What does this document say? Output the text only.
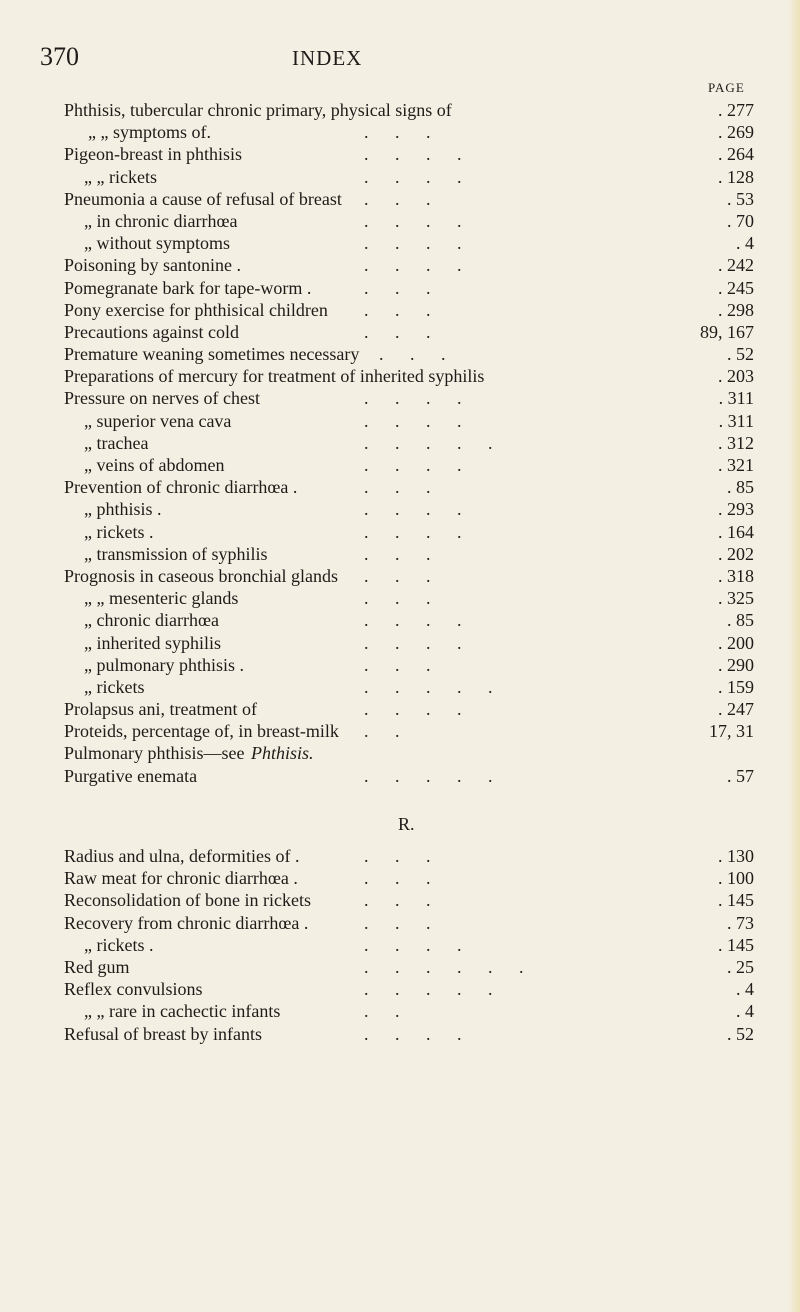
370	INDEX
PAGE
Phthisis, tubercular chronic primary, physical signs of	. 277
„ „ symptoms of.	. . .	. 269
Pigeon-breast in phthisis	. . . .	. 264
„ „ rickets	. . . .	. 128
Pneumonia a cause of refusal of breast . . .	. 53
„ in chronic diarrhœa	. . . .	. 70
„ without symptoms	. . . .	. 4
Poisoning by santonine .	. . . .	. 242
Pomegranate bark for tape-worm .	. . .	. 245
Pony exercise for phthisical children . . .	. 298
Precautions against cold	. . .	89, 167
Premature weaning sometimes necessary . . .	. 52
Preparations of mercury for treatment of inherited syphilis	. 203
Pressure on nerves of chest	. . . .	. 311
„ superior vena cava	. . . .	. 311
„ trachea	. . . . .	. 312
„ veins of abdomen	. . . .	. 321
Prevention of chronic diarrhœa .	. . .	. 85
„ phthisis .	. . . .	. 293
„ rickets .	. . . .	. 164
„ transmission of syphilis	. . .	. 202
Prognosis in caseous bronchial glands . . .	. 318
„ „ mesenteric glands	. . .	. 325
„ chronic diarrhœa	. . . .	. 85
„ inherited syphilis	. . . .	. 200
„ pulmonary phthisis .	. . .	. 290
„ rickets	. . . . .	. 159
Prolapsus ani, treatment of	. . . .	. 247
Proteids, percentage of, in breast-milk . .	17, 31
Pulmonary phthisis—see Phthisis.
Purgative enemata	. . . . .	. 57
R.
Radius and ulna, deformities of .	. . .	. 130
Raw meat for chronic diarrhœa .	. . .	. 100
Reconsolidation of bone in rickets	. . .	. 145
Recovery from chronic diarrhœa .	. . .	. 73
„ rickets .	. . . .	. 145
Red gum	. . . . . .	. 25
Reflex convulsions	. . . . .	. 4
„ „ rare in cachectic infants	. .	. 4
Refusal of breast by infants	. . . .	. 52
